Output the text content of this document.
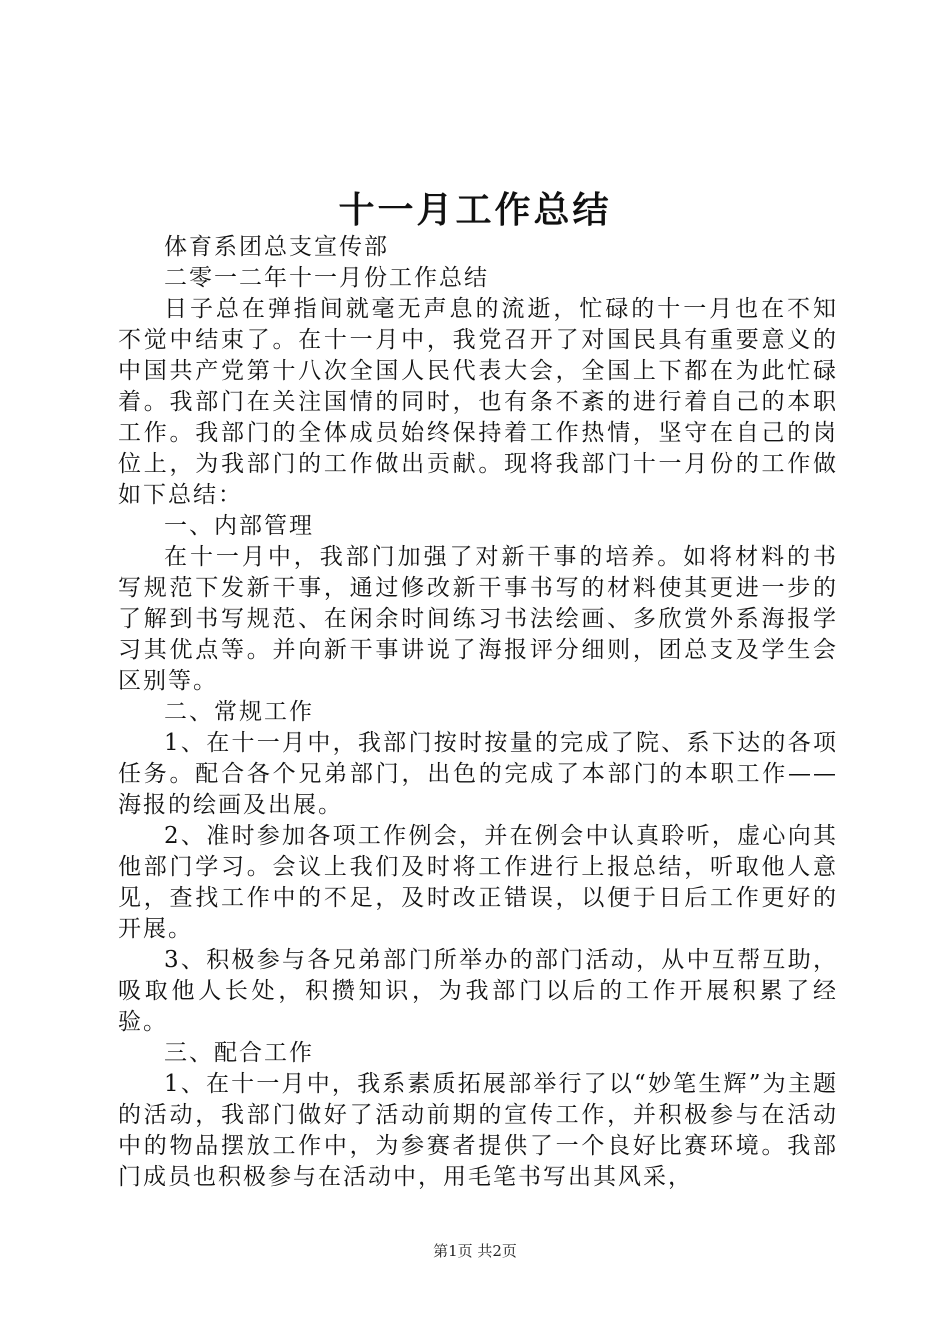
十一月工作总结

体育系团总支宣传部

二零一二年十一月份工作总结

日子总在弹指间就毫无声息的流逝，忙碌的十一月也在不知不觉中结束了。在十一月中，我党召开了对国民具有重要意义的中国共产党第十八次全国人民代表大会，全国上下都在为此忙碌着。我部门在关注国情的同时，也有条不紊的进行着自己的本职工作。我部门的全体成员始终保持着工作热情，坚守在自己的岗位上，为我部门的工作做出贡献。现将我部门十一月份的工作做如下总结：

一、内部管理

在十一月中，我部门加强了对新干事的培养。如将材料的书写规范下发新干事，通过修改新干事书写的材料使其更进一步的了解到书写规范、在闲余时间练习书法绘画、多欣赏外系海报学习其优点等。并向新干事讲说了海报评分细则，团总支及学生会区别等。

二、常规工作

1、在十一月中，我部门按时按量的完成了院、系下达的各项任务。配合各个兄弟部门，出色的完成了本部门的本职工作——海报的绘画及出展。

2、准时参加各项工作例会，并在例会中认真聆听，虚心向其他部门学习。会议上我们及时将工作进行上报总结，听取他人意见，查找工作中的不足，及时改正错误，以便于日后工作更好的开展。

3、积极参与各兄弟部门所举办的部门活动，从中互帮互助，吸取他人长处，积攒知识，为我部门以后的工作开展积累了经验。

三、配合工作

1、在十一月中，我系素质拓展部举行了以“妙笔生辉”为主题的活动，我部门做好了活动前期的宣传工作，并积极参与在活动中的物品摆放工作中，为参赛者提供了一个良好比赛环境。我部门成员也积极参与在活动中，用毛笔书写出其风采，

第1页 共2页
